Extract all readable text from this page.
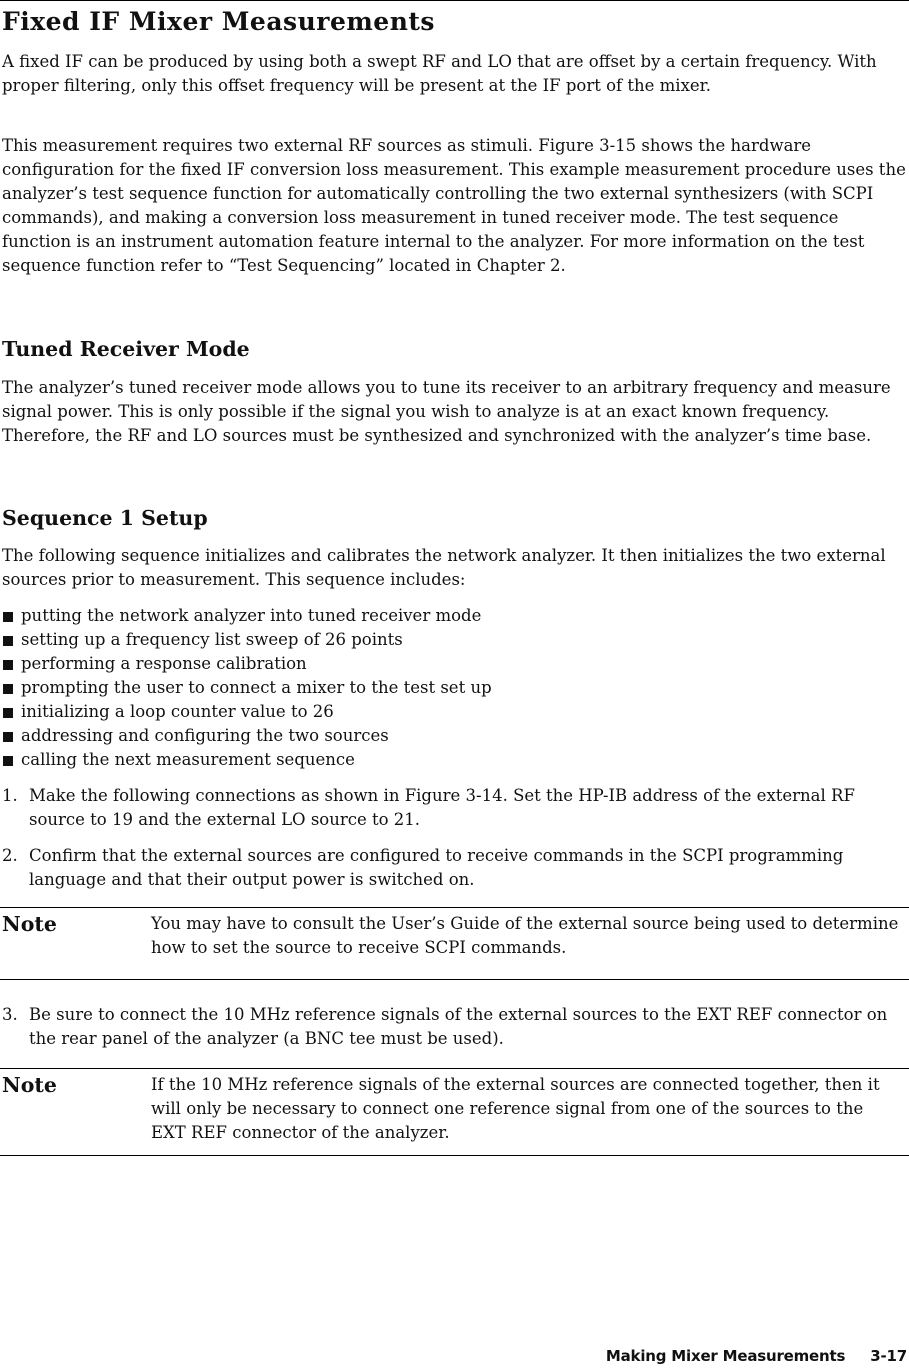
Fixed IF Mixer Measurements

A fixed IF can be produced by using both a swept RF and LO that are offset by a certain frequency. With proper filtering, only this offset frequency will be present at the IF port of the mixer.

This measurement requires two external RF sources as stimuli. Figure 3-15 shows the hardware configuration for the fixed IF conversion loss measurement. This example measurement procedure uses the analyzer’s test sequence function for automatically controlling the two external synthesizers (with SCPI commands), and making a conversion loss measurement in tuned receiver mode. The test sequence function is an instrument automation feature internal to the analyzer. For more information on the test sequence function refer to “Test Sequencing” located in Chapter 2.

Tuned Receiver Mode

The analyzer’s tuned receiver mode allows you to tune its receiver to an arbitrary frequency and measure signal power. This is only possible if the signal you wish to analyze is at an exact known frequency. Therefore, the RF and LO sources must be synthesized and synchronized with the analyzer’s time base.

Sequence 1 Setup

The following sequence initializes and calibrates the network analyzer. It then initializes the two external sources prior to measurement. This sequence includes:

putting the network analyzer into tuned receiver mode
setting up a frequency list sweep of 26 points
performing a response calibration
prompting the user to connect a mixer to the test set up
initializing a loop counter value to 26
addressing and configuring the two sources
calling the next measurement sequence
1. Make the following connections as shown in Figure 3-14. Set the HP-IB address of the external RF source to 19 and the external LO source to 21.
2. Confirm that the external sources are configured to receive commands in the SCPI programming language and that their output power is switched on.
Note	You may have to consult the User’s Guide of the external source being used to determine how to set the source to receive SCPI commands.
3. Be sure to connect the 10 MHz reference signals of the external sources to the EXT REF connector on the rear panel of the analyzer (a BNC tee must be used).
Note	If the 10 MHz reference signals of the external sources are connected together, then it will only be necessary to connect one reference signal from one of the sources to the EXT REF connector of the analyzer.
Making Mixer Measurements 3-17
